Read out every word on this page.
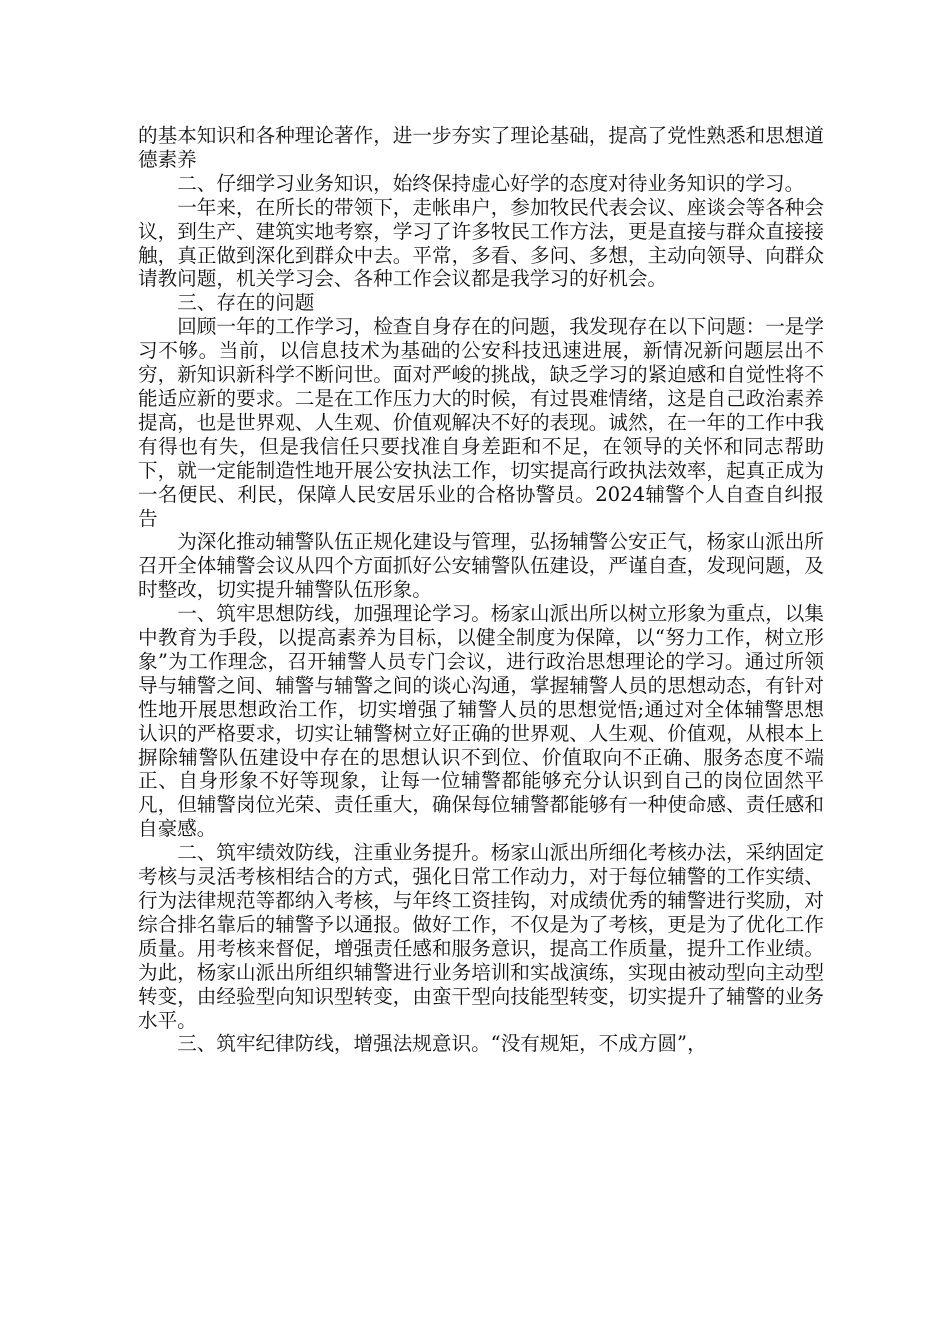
的基本知识和各种理论著作，进一步夯实了理论基础，提高了党性熟悉和思想道德素养

二、仔细学习业务知识，始终保持虚心好学的态度对待业务知识的学习。

一年来，在所长的带领下，走帐串户，参加牧民代表会议、座谈会等各种会议，到生产、建筑实地考察，学习了许多牧民工作方法，更是直接与群众直接接触，真正做到深化到群众中去。平常，多看、多问、多想，主动向领导、向群众请教问题，机关学习会、各种工作会议都是我学习的好机会。

三、存在的问题

回顾一年的工作学习，检查自身存在的问题，我发现存在以下问题：一是学习不够。当前，以信息技术为基础的公安科技迅速进展，新情况新问题层出不穷，新知识新科学不断问世。面对严峻的挑战，缺乏学习的紧迫感和自觉性将不能适应新的要求。二是在工作压力大的时候，有过畏难情绪，这是自己政治素养提高，也是世界观、人生观、价值观解决不好的表现。诚然，在一年的工作中我有得也有失，但是我信任只要找准自身差距和不足，在领导的关怀和同志帮助下，就一定能制造性地开展公安执法工作，切实提高行政执法效率，起真正成为一名便民、利民，保障人民安居乐业的合格协警员。2024辅警个人自查自纠报告

为深化推动辅警队伍正规化建设与管理，弘扬辅警公安正气，杨家山派出所召开全体辅警会议从四个方面抓好公安辅警队伍建设，严谨自查，发现问题，及时整改，切实提升辅警队伍形象。

一、筑牢思想防线，加强理论学习。杨家山派出所以树立形象为重点，以集中教育为手段，以提高素养为目标，以健全制度为保障，以“努力工作，树立形象”为工作理念，召开辅警人员专门会议，进行政治思想理论的学习。通过所领导与辅警之间、辅警与辅警之间的谈心沟通，掌握辅警人员的思想动态，有针对性地开展思想政治工作，切实增强了辅警人员的思想觉悟;通过对全体辅警思想认识的严格要求，切实让辅警树立好正确的世界观、人生观、价值观，从根本上摒除辅警队伍建设中存在的思想认识不到位、价值取向不正确、服务态度不端正、自身形象不好等现象，让每一位辅警都能够充分认识到自己的岗位固然平凡，但辅警岗位光荣、责任重大，确保每位辅警都能够有一种使命感、责任感和自豪感。

二、筑牢绩效防线，注重业务提升。杨家山派出所细化考核办法，采纳固定考核与灵活考核相结合的方式，强化日常工作动力，对于每位辅警的工作实绩、行为法律规范等都纳入考核，与年终工资挂钩，对成绩优秀的辅警进行奖励，对综合排名靠后的辅警予以通报。做好工作，不仅是为了考核，更是为了优化工作质量。用考核来督促，增强责任感和服务意识，提高工作质量，提升工作业绩。为此，杨家山派出所组织辅警进行业务培训和实战演练，实现由被动型向主动型转变，由经验型向知识型转变，由蛮干型向技能型转变，切实提升了辅警的业务水平。

三、筑牢纪律防线，增强法规意识。“没有规矩，不成方圆”，
